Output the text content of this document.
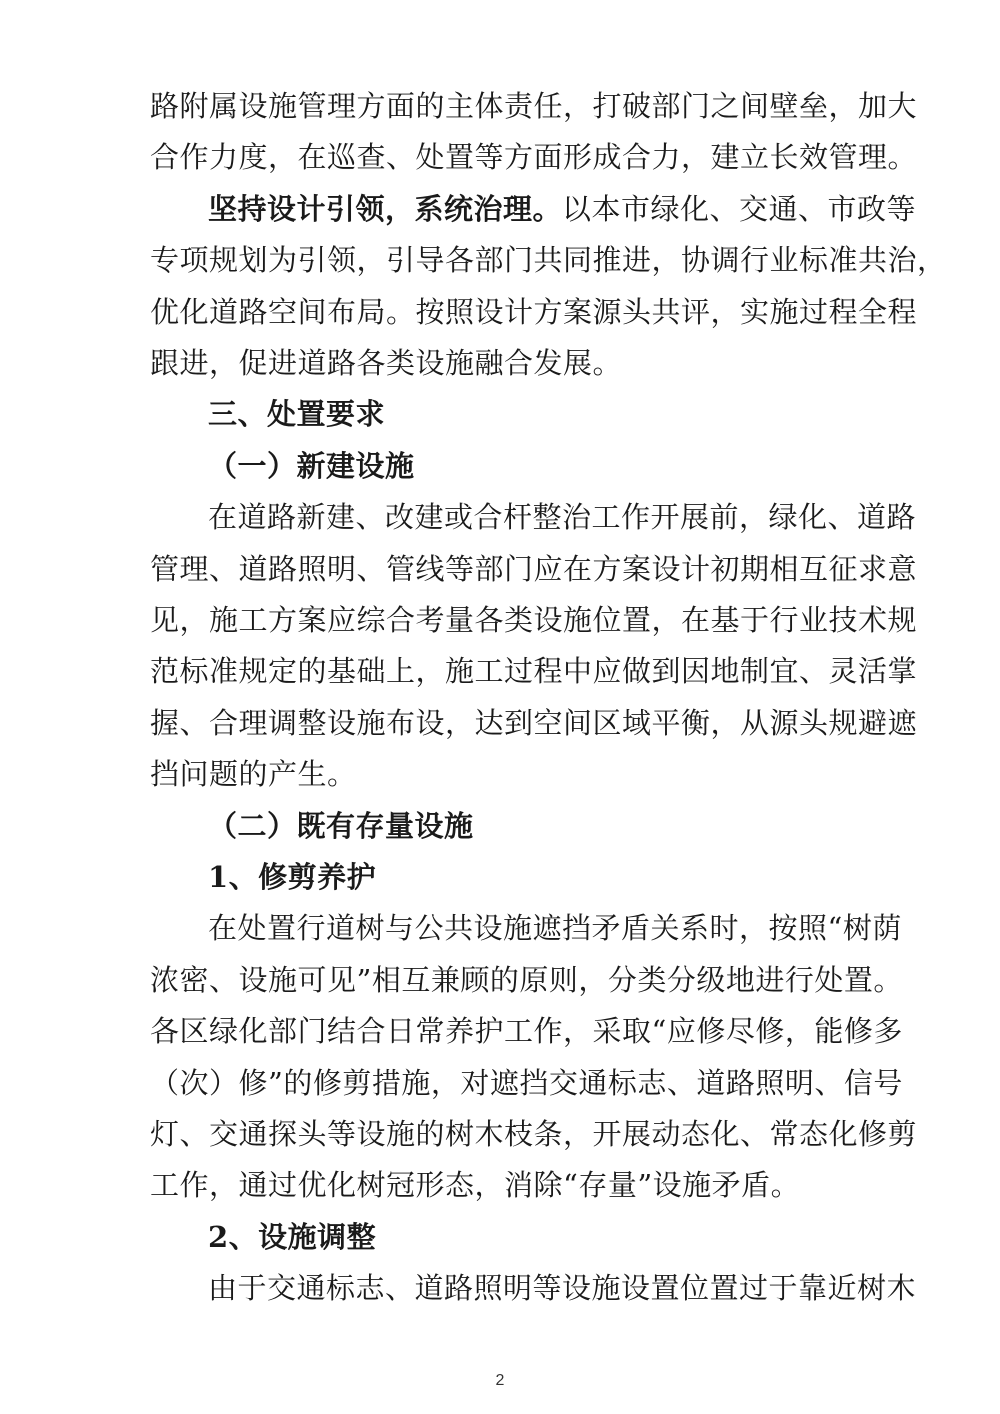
路附属设施管理方面的主体责任，打破部门之间壁垒，加大
合作力度，在巡查、处置等方面形成合力，建立长效管理。
坚持设计引领，系统治理。以本市绿化、交通、市政等
专项规划为引领，引导各部门共同推进，协调行业标准共治，
优化道路空间布局。按照设计方案源头共评，实施过程全程
跟进，促进道路各类设施融合发展。
三、处置要求
（一）新建设施
在道路新建、改建或合杆整治工作开展前，绿化、道路
管理、道路照明、管线等部门应在方案设计初期相互征求意
见，施工方案应综合考量各类设施位置，在基于行业技术规
范标准规定的基础上，施工过程中应做到因地制宜、灵活掌
握、合理调整设施布设，达到空间区域平衡，从源头规避遮
挡问题的产生。
（二）既有存量设施
1、修剪养护
在处置行道树与公共设施遮挡矛盾关系时，按照“树荫
浓密、设施可见”相互兼顾的原则，分类分级地进行处置。
各区绿化部门结合日常养护工作，采取“应修尽修，能修多
（次）修”的修剪措施，对遮挡交通标志、道路照明、信号
灯、交通探头等设施的树木枝条，开展动态化、常态化修剪
工作，通过优化树冠形态，消除“存量”设施矛盾。
2、设施调整
由于交通标志、道路照明等设施设置位置过于靠近树木
2
